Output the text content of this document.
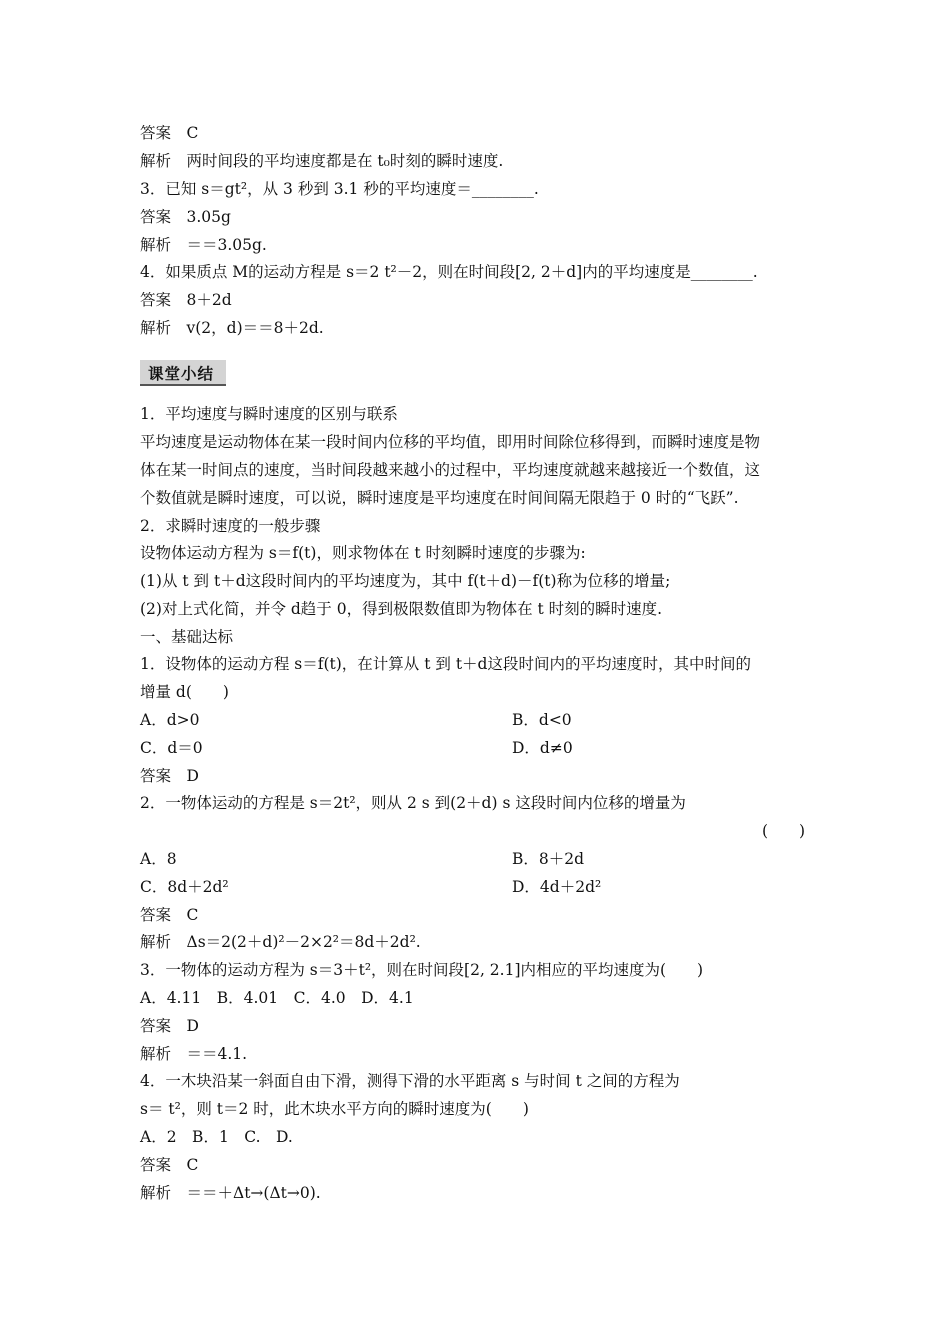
答案　C
解析　两时间段的平均速度都是在 t₀时刻的瞬时速度.
3．已知 s＝gt²，从 3 秒到 3.1 秒的平均速度＝________.
答案　3.05g
解析　＝＝3.05g.
4．如果质点 M的运动方程是 s＝2 t²－2，则在时间段[2, 2＋d]内的平均速度是________.
答案　8＋2d
解析　v(2，d)＝＝8＋2d.
课堂小结
1．平均速度与瞬时速度的区别与联系
平均速度是运动物体在某一段时间内位移的平均值，即用时间除位移得到，而瞬时速度是物
体在某一时间点的速度，当时间段越来越小的过程中，平均速度就越来越接近一个数值，这
个数值就是瞬时速度，可以说，瞬时速度是平均速度在时间间隔无限趋于 0 时的“飞跃”.
2．求瞬时速度的一般步骤
设物体运动方程为 s＝f(t)，则求物体在 t 时刻瞬时速度的步骤为:
(1)从 t 到 t＋d这段时间内的平均速度为，其中 f(t＋d)－f(t)称为位移的增量;
(2)对上式化简，并令 d趋于 0，得到极限数值即为物体在 t 时刻的瞬时速度.
一、基础达标
1．设物体的运动方程 s＝f(t)，在计算从 t 到 t＋d这段时间内的平均速度时，其中时间的
增量 d(　　)
A．d>0	B．d<0
C．d＝0	D．d≠0
答案　D
2．一物体运动的方程是 s＝2t²，则从 2 s 到(2＋d) s 这段时间内位移的增量为
(　　)
A．8	B．8＋2d
C．8d＋2d²	D．4d＋2d²
答案　C
解析　Δs＝2(2＋d)²－2×2²＝8d＋2d².
3．一物体的运动方程为 s＝3＋t²，则在时间段[2, 2.1]内相应的平均速度为(　　)
A．4.11　B．4.01　C．4.0　D．4.1
答案　D
解析　＝＝4.1.
4．一木块沿某一斜面自由下滑，测得下滑的水平距离 s 与时间 t 之间的方程为
s＝ t²，则 t＝2 时，此木块水平方向的瞬时速度为(　　)
A．2　B．1　C.　D.
答案　C
解析　＝＝＋Δt→(Δt→0).
